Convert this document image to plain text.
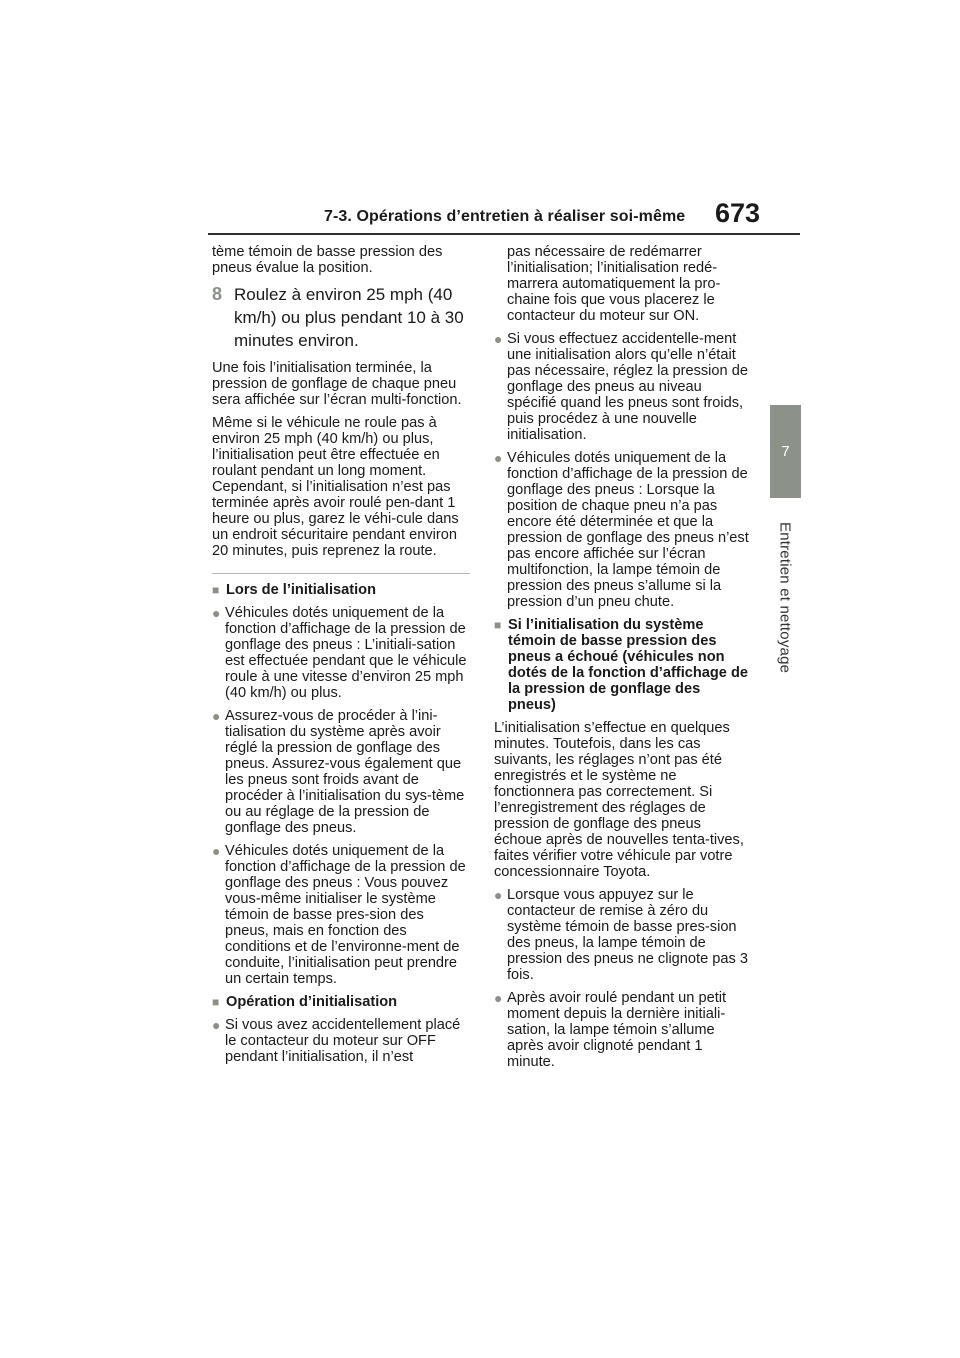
7-3. Opérations d’entretien à réaliser soi-même 673
7
Entretien et nettoyage

tème témoin de basse pression des pneus évalue la position.

8 Roulez à environ 25 mph (40 km/h) ou plus pendant 10 à 30 minutes environ.

Une fois l’initialisation terminée, la pression de gonflage de chaque pneu sera affichée sur l’écran multi-fonction.

Même si le véhicule ne roule pas à environ 25 mph (40 km/h) ou plus, l’initialisation peut être effectuée en roulant pendant un long moment. Cependant, si l’initialisation n’est pas terminée après avoir roulé pen-dant 1 heure ou plus, garez le véhi-cule dans un endroit sécuritaire pendant environ 20 minutes, puis reprenez la route.

■ Lors de l’initialisation
● Véhicules dotés uniquement de la fonction d’affichage de la pression de gonflage des pneus : L’initiali-sation est effectuée pendant que le véhicule roule à une vitesse d’environ 25 mph (40 km/h) ou plus.
● Assurez-vous de procéder à l’ini-tialisation du système après avoir réglé la pression de gonflage des pneus. Assurez-vous également que les pneus sont froids avant de procéder à l’initialisation du sys-tème ou au réglage de la pression de gonflage des pneus.
● Véhicules dotés uniquement de la fonction d’affichage de la pression de gonflage des pneus : Vous pouvez vous-même initialiser le système témoin de basse pres-sion des pneus, mais en fonction des conditions et de l’environne-ment de conduite, l’initialisation peut prendre un certain temps.
■ Opération d’initialisation
● Si vous avez accidentellement placé le contacteur du moteur sur OFF pendant l’initialisation, il n’est
pas nécessaire de redémarrer l’initialisation; l’initialisation redé-marrera automatiquement la pro-chaine fois que vous placerez le contacteur du moteur sur ON.
● Si vous effectuez accidentelle-ment une initialisation alors qu’elle n’était pas nécessaire, réglez la pression de gonflage des pneus au niveau spécifié quand les pneus sont froids, puis procédez à une nouvelle initialisation.
● Véhicules dotés uniquement de la fonction d’affichage de la pression de gonflage des pneus : Lorsque la position de chaque pneu n’a pas encore été déterminée et que la pression de gonflage des pneus n’est pas encore affichée sur l’écran multifonction, la lampe témoin de pression des pneus s’allume si la pression d’un pneu chute.
■ Si l’initialisation du système témoin de basse pression des pneus a échoué (véhicules non dotés de la fonction d’affichage de la pression de gonflage des pneus)

L’initialisation s’effectue en quelques minutes. Toutefois, dans les cas suivants, les réglages n’ont pas été enregistrés et le système ne fonctionnera pas correctement. Si l’enregistrement des réglages de pression de gonflage des pneus échoue après de nouvelles tenta-tives, faites vérifier votre véhicule par votre concessionnaire Toyota.

● Lorsque vous appuyez sur le contacteur de remise à zéro du système témoin de basse pres-sion des pneus, la lampe témoin de pression des pneus ne clignote pas 3 fois.
● Après avoir roulé pendant un petit moment depuis la dernière initiali-sation, la lampe témoin s’allume après avoir clignoté pendant 1 minute.
